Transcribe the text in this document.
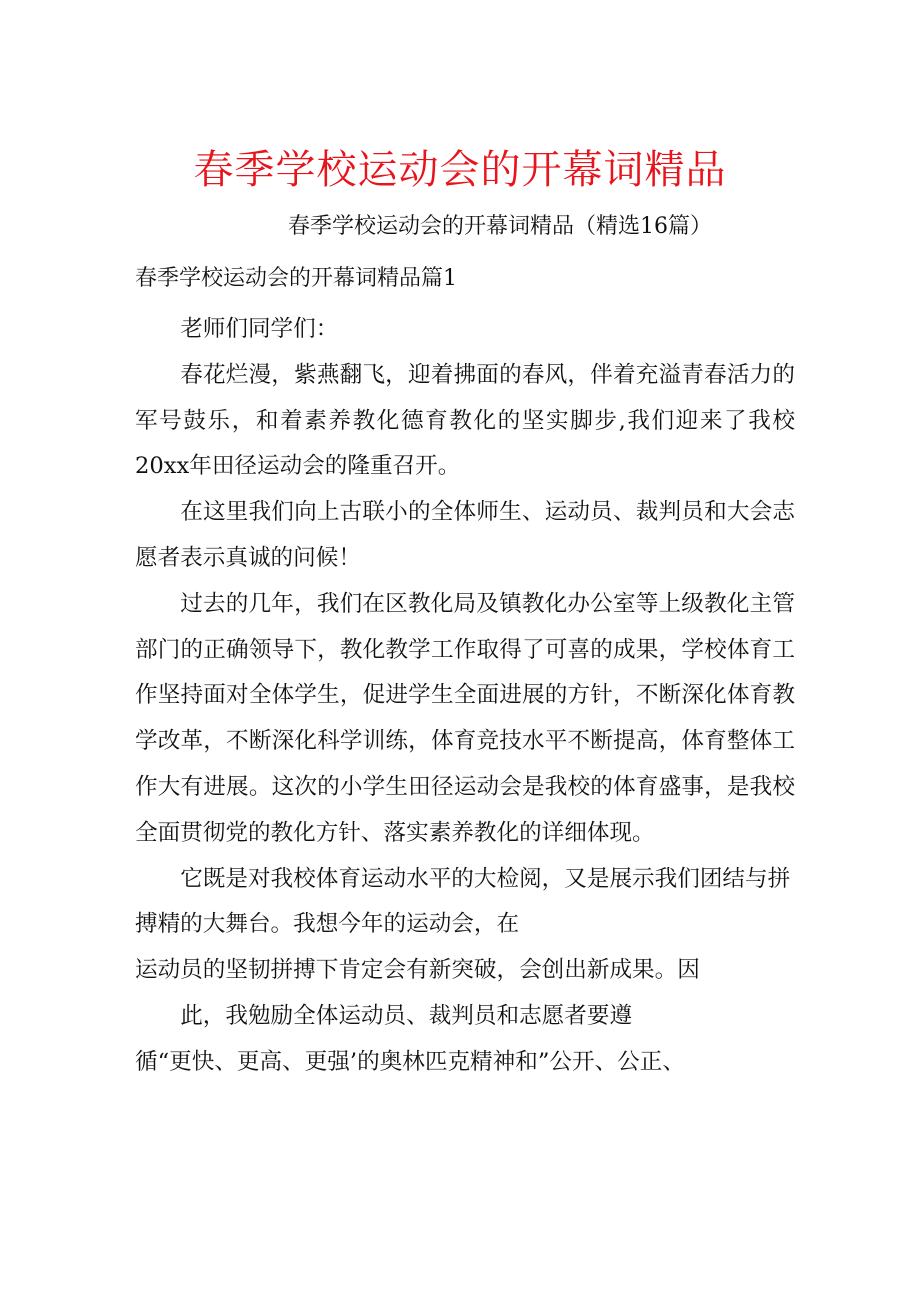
春季学校运动会的开幕词精品
春季学校运动会的开幕词精品（精选16篇）
春季学校运动会的开幕词精品篇1

老师们同学们：

春花烂漫，紫燕翻飞，迎着拂面的春风，伴着充溢青春活力的军号鼓乐，和着素养教化德育教化的坚实脚步,我们迎来了我校20xx年田径运动会的隆重召开。

在这里我们向上古联小的全体师生、运动员、裁判员和大会志愿者表示真诚的问候！

过去的几年，我们在区教化局及镇教化办公室等上级教化主管部门的正确领导下，教化教学工作取得了可喜的成果，学校体育工作坚持面对全体学生，促进学生全面进展的方针，不断深化体育教学改革，不断深化科学训练，体育竞技水平不断提高，体育整体工作大有进展。这次的小学生田径运动会是我校的体育盛事，是我校全面贯彻党的教化方针、落实素养教化的详细体现。

它既是对我校体育运动水平的大检阅，又是展示我们团结与拼搏精的大舞台。我想今年的运动会，在

运动员的坚韧拼搏下肯定会有新突破，会创出新成果。因

此，我勉励全体运动员、裁判员和志愿者要遵

循“更快、更高、更强’的奥林匹克精神和”公开、公正、
